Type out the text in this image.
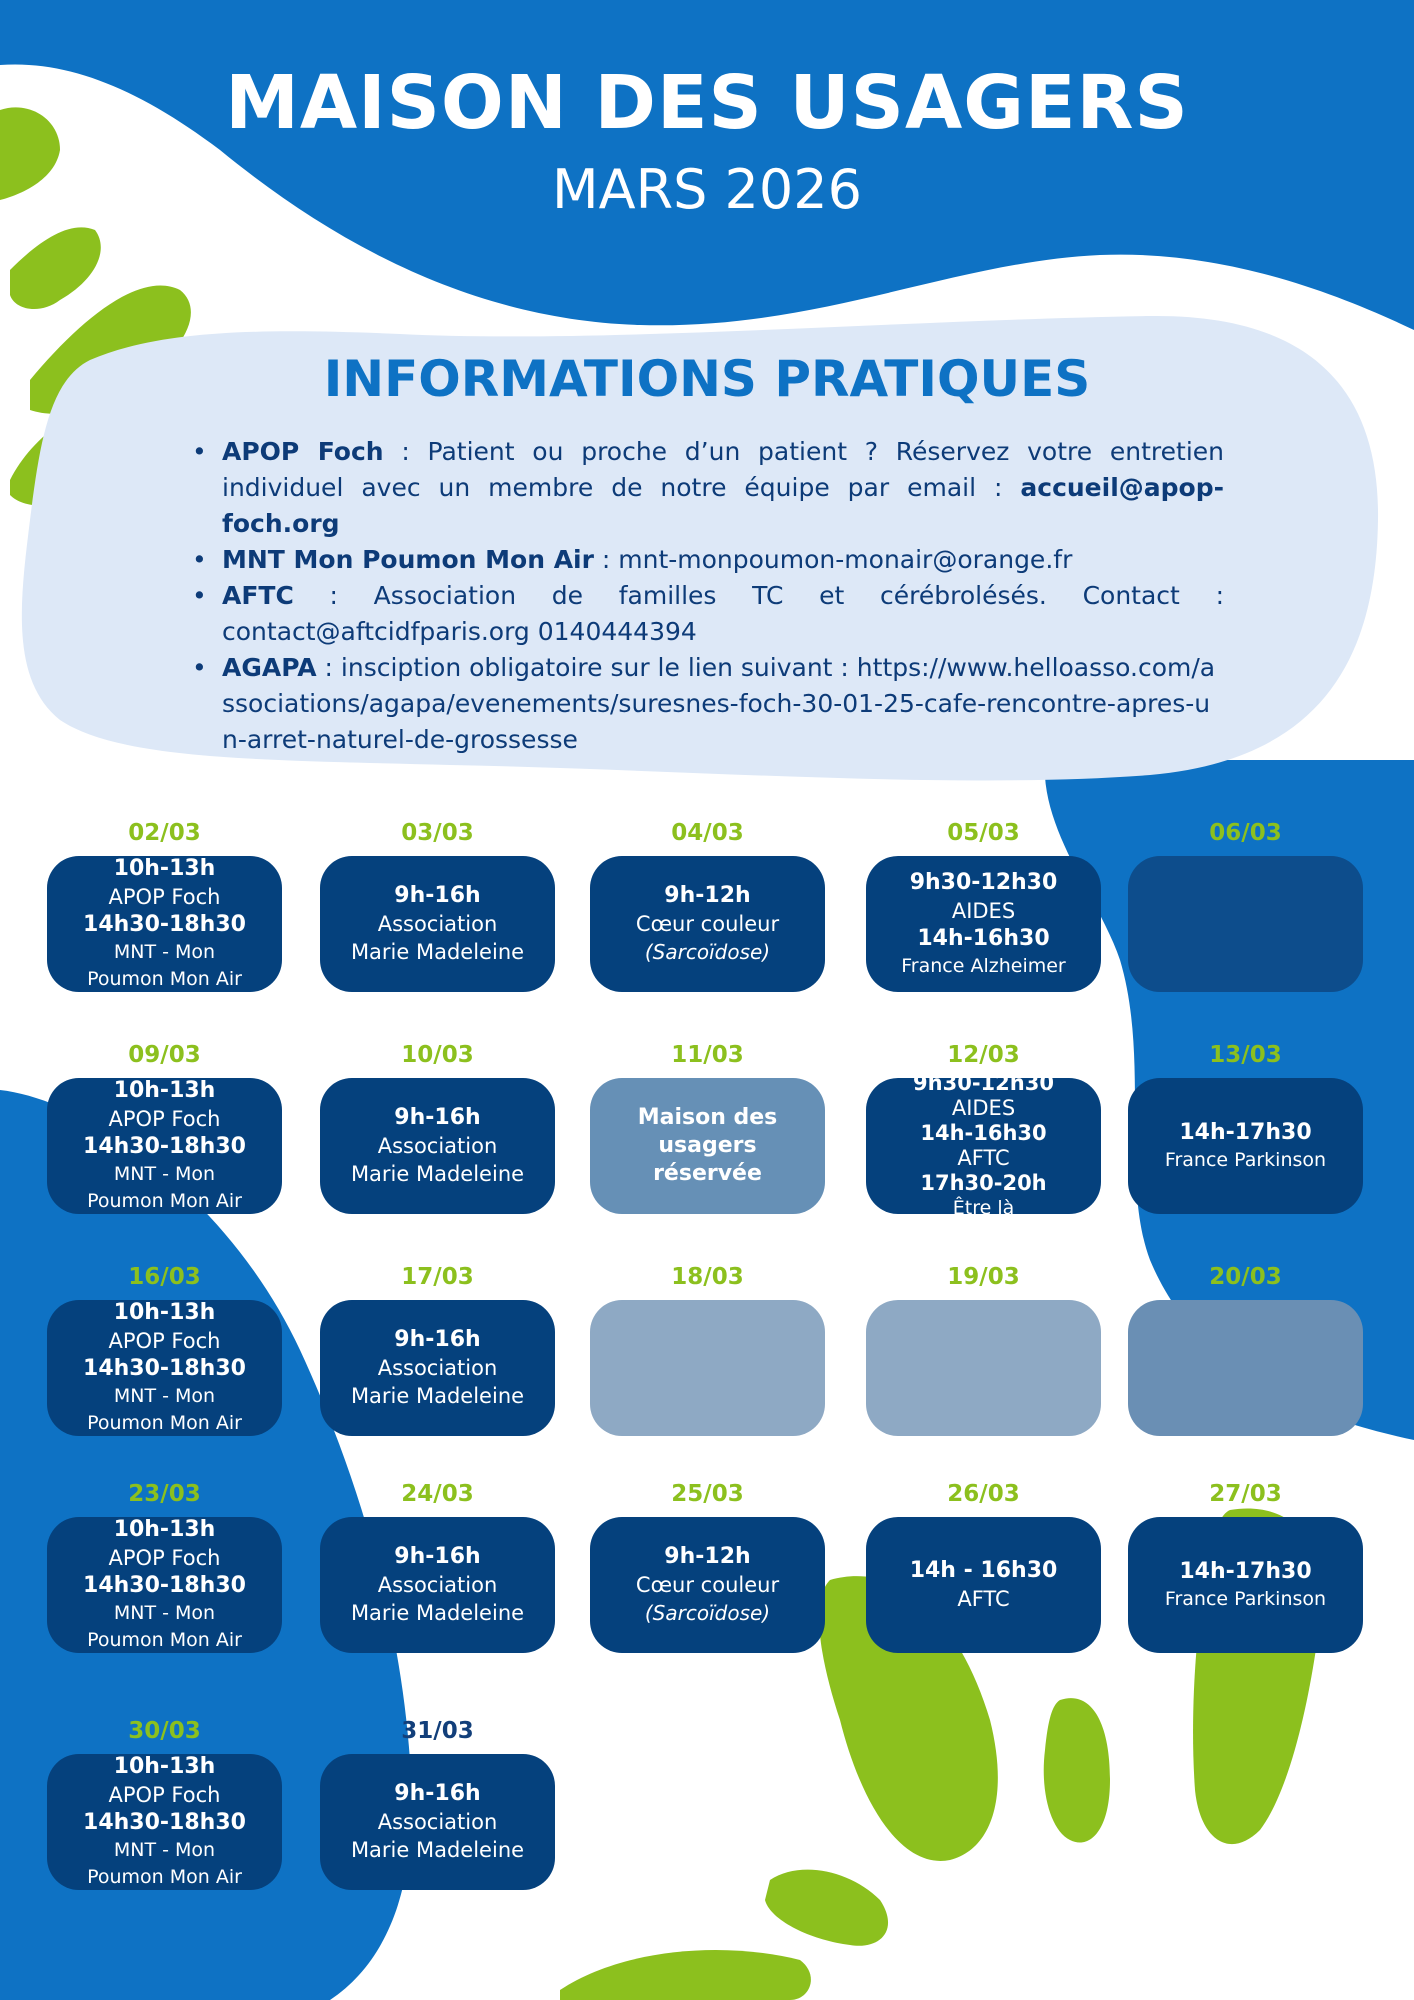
MAISON DES USAGERS
MARS 2026
INFORMATIONS PRATIQUES
• APOP Foch : Patient ou proche d’un patient ? Réservez votre entretien individuel avec un membre de notre équipe par email : accueil@apop-foch.org
• MNT Mon Poumon Mon Air : mnt-monpoumon-monair@orange.fr
• AFTC : Association de familles TC et cérébrolésés. Contact : contact@aftcidfparis.org 0140444394
• AGAPA : insciption obligatoire sur le lien suivant : https://www.helloasso.com/associations/agapa/evenements/suresnes-foch-30-01-25-cafe-rencontre-apres-un-arret-naturel-de-grossesse
02/03

10h-13h

APOP Foch

14h30-18h30

MNT - Mon

Poumon Mon Air

03/03

9h-16h

Association

Marie Madeleine

04/03

9h-12h

Cœur couleur

(Sarcoïdose)

05/03

9h30-12h30

AIDES

14h-16h30

France Alzheimer

06/03
09/03

10h-13h

APOP Foch

14h30-18h30

MNT - Mon

Poumon Mon Air

10/03

9h-16h

Association

Marie Madeleine

11/03

Maison des

usagers

réservée

12/03

9h30-12h30

AIDES

14h-16h30

AFTC

17h30-20h

Être là

13/03

14h-17h30

France Parkinson

16/03

10h-13h

APOP Foch

14h30-18h30

MNT - Mon

Poumon Mon Air

17/03

9h-16h

Association

Marie Madeleine

18/03	19/03	20/03
23/03

10h-13h

APOP Foch

14h30-18h30

MNT - Mon

Poumon Mon Air

24/03

9h-16h

Association

Marie Madeleine

25/03

9h-12h

Cœur couleur

(Sarcoïdose)

26/03

14h - 16h30

AFTC

27/03

14h-17h30

France Parkinson

30/03

10h-13h

APOP Foch

14h30-18h30

MNT - Mon

Poumon Mon Air

31/03

9h-16h

Association

Marie Madeleine
